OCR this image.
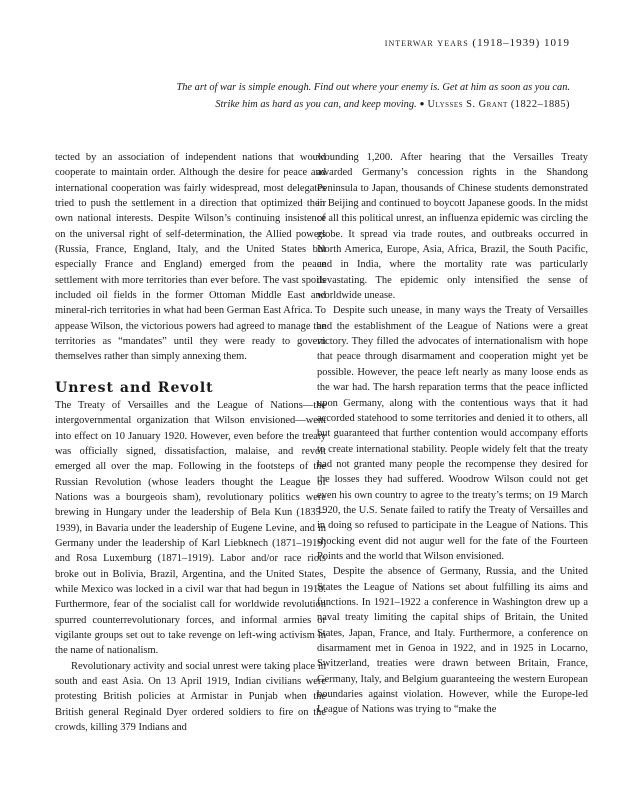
interwar years (1918–1939) 1019
The art of war is simple enough. Find out where your enemy is. Get at him as soon as you can.
Strike him as hard as you can, and keep moving. ● Ulysses S. Grant (1822–1885)

tected by an association of independent nations that would cooperate to maintain order. Although the desire for peace and international cooperation was fairly widespread, most delegates tried to push the settlement in a direction that optimized their own national interests. Despite Wilson’s continuing insistence on the universal right of self-determination, the Allied powers (Russia, France, England, Italy, and the United States but especially France and England) emerged from the peace settlement with more territories than ever before. The vast spoils included oil fields in the former Ottoman Middle East and mineral-rich territories in what had been German East Africa. To appease Wilson, the victorious powers had agreed to manage the territories as “mandates” until they were ready to govern themselves rather than simply annexing them.

Unrest and Revolt

The Treaty of Versailles and the League of Nations—the intergovernmental organization that Wilson envisioned—went into effect on 10 January 1920. However, even before the treaty was officially signed, dissatisfaction, malaise, and revolt emerged all over the map. Following in the footsteps of the Russian Revolution (whose leaders thought the League of Nations was a bourgeois sham), revolutionary politics were brewing in Hungary under the leadership of Bela Kun (1835–1939), in Bavaria under the leadership of Eugene Levine, and in Germany under the leadership of Karl Liebknech (1871–1919) and Rosa Luxemburg (1871–1919). Labor and/or race riots broke out in Bolivia, Brazil, Argentina, and the United States, while Mexico was locked in a civil war that had begun in 1910. Furthermore, fear of the socialist call for worldwide revolution spurred counterrevolutionary forces, and informal armies or vigilante groups set out to take revenge on left-wing activism in the name of nationalism.

Revolutionary activity and social unrest were taking place in south and east Asia. On 13 April 1919, Indian civilians were protesting British policies at Armistar in Punjab when the British general Reginald Dyer ordered soldiers to fire on the crowds, killing 379 Indians and

wounding 1,200. After hearing that the Versailles Treaty awarded Germany’s concession rights in the Shandong Peninsula to Japan, thousands of Chinese students demonstrated in Beijing and continued to boycott Japanese goods. In the midst of all this political unrest, an influenza epidemic was circling the globe. It spread via trade routes, and outbreaks occurred in North America, Europe, Asia, Africa, Brazil, the South Pacific, and in India, where the mortality rate was particularly devastating. The epidemic only intensified the sense of worldwide unease.

Despite such unease, in many ways the Treaty of Versailles and the establishment of the League of Nations were a great victory. They filled the advocates of internationalism with hope that peace through disarmament and cooperation might yet be possible. However, the peace left nearly as many loose ends as the war had. The harsh reparation terms that the peace inflicted upon Germany, along with the contentious ways that it had accorded statehood to some territories and denied it to others, all but guaranteed that further contention would accompany efforts to create international stability. People widely felt that the treaty had not granted many people the recompense they desired for the losses they had suffered. Woodrow Wilson could not get even his own country to agree to the treaty’s terms; on 19 March 1920, the U.S. Senate failed to ratify the Treaty of Versailles and in doing so refused to participate in the League of Nations. This shocking event did not augur well for the fate of the Fourteen Points and the world that Wilson envisioned.

Despite the absence of Germany, Russia, and the United States the League of Nations set about fulfilling its aims and functions. In 1921–1922 a conference in Washington drew up a naval treaty limiting the capital ships of Britain, the United States, Japan, France, and Italy. Furthermore, a conference on disarmament met in Genoa in 1922, and in 1925 in Locarno, Switzerland, treaties were drawn between Britain, France, Germany, Italy, and Belgium guaranteeing the western European boundaries against violation. However, while the Europe-led League of Nations was trying to “make the
